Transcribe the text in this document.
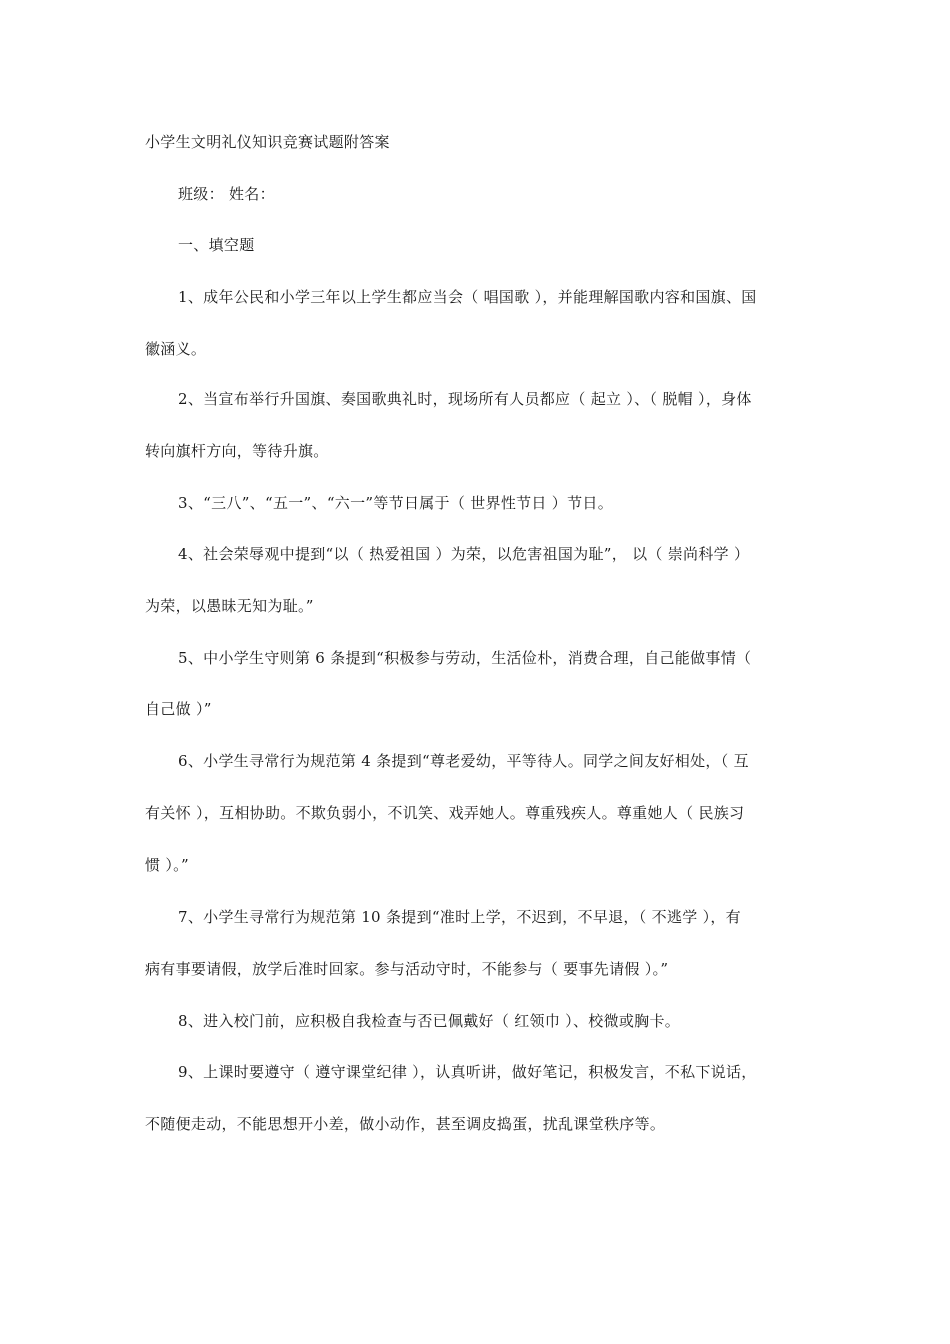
小学生文明礼仪知识竞赛试题附答案
班级： 姓名：
一、填空题
1、成年公民和小学三年以上学生都应当会（ 唱国歌 ），并能理解国歌内容和国旗、国
徽涵义。
2、当宣布举行升国旗、奏国歌典礼时，现场所有人员都应（ 起立 ）、（ 脱帽 ），身体
转向旗杆方向，等待升旗。
3、“三八”、“五一”、“六一”等节日属于（ 世界性节日 ）节日。
4、社会荣辱观中提到“以（ 热爱祖国 ）为荣，以危害祖国为耻”， 以（ 崇尚科学 ）
为荣，以愚昧无知为耻。”
5、中小学生守则第 6 条提到“积极参与劳动，生活俭朴，消费合理，自己能做事情（
自己做 ）”
6、小学生寻常行为规范第 4 条提到“尊老爱幼，平等待人。同学之间友好相处，（ 互
有关怀 ），互相协助。不欺负弱小，不讥笑、戏弄她人。尊重残疾人。尊重她人（ 民族习
惯 ）。”
7、小学生寻常行为规范第 10 条提到“准时上学，不迟到，不早退，（ 不逃学 ），有
病有事要请假，放学后准时回家。参与活动守时，不能参与（ 要事先请假 ）。”
8、进入校门前，应积极自我检查与否已佩戴好（ 红领巾 ）、校微或胸卡。
9、上课时要遵守（ 遵守课堂纪律 ），认真听讲，做好笔记，积极发言，不私下说话，
不随便走动，不能思想开小差，做小动作，甚至调皮捣蛋，扰乱课堂秩序等。
